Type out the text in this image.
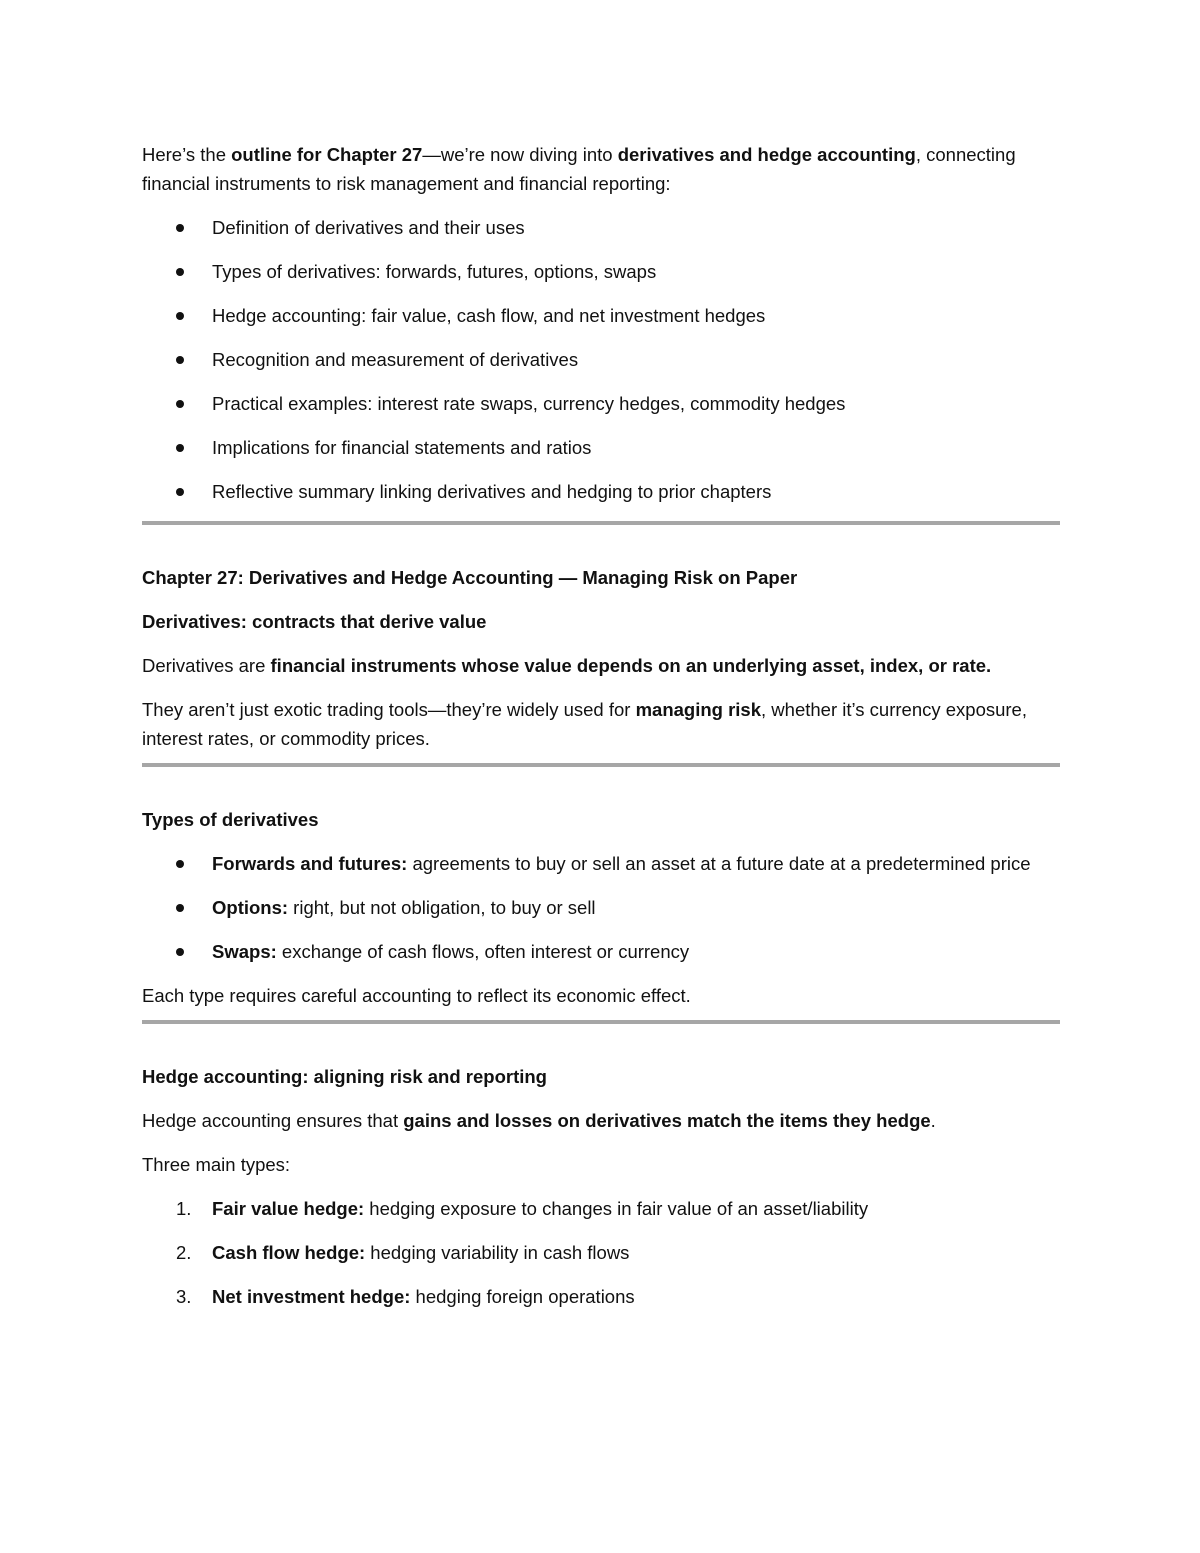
Here’s the outline for Chapter 27—we’re now diving into derivatives and hedge accounting, connecting financial instruments to risk management and financial reporting:

Definition of derivatives and their uses
Types of derivatives: forwards, futures, options, swaps
Hedge accounting: fair value, cash flow, and net investment hedges
Recognition and measurement of derivatives
Practical examples: interest rate swaps, currency hedges, commodity hedges
Implications for financial statements and ratios
Reflective summary linking derivatives and hedging to prior chapters

Chapter 27: Derivatives and Hedge Accounting — Managing Risk on Paper

Derivatives: contracts that derive value

Derivatives are financial instruments whose value depends on an underlying asset, index, or rate.

They aren’t just exotic trading tools—they’re widely used for managing risk, whether it’s currency exposure, interest rates, or commodity prices.

Types of derivatives

Forwards and futures: agreements to buy or sell an asset at a future date at a predetermined price
Options: right, but not obligation, to buy or sell
Swaps: exchange of cash flows, often interest or currency

Each type requires careful accounting to reflect its economic effect.

Hedge accounting: aligning risk and reporting

Hedge accounting ensures that gains and losses on derivatives match the items they hedge.

Three main types:

1. Fair value hedge: hedging exposure to changes in fair value of an asset/liability
2. Cash flow hedge: hedging variability in cash flows
3. Net investment hedge: hedging foreign operations
